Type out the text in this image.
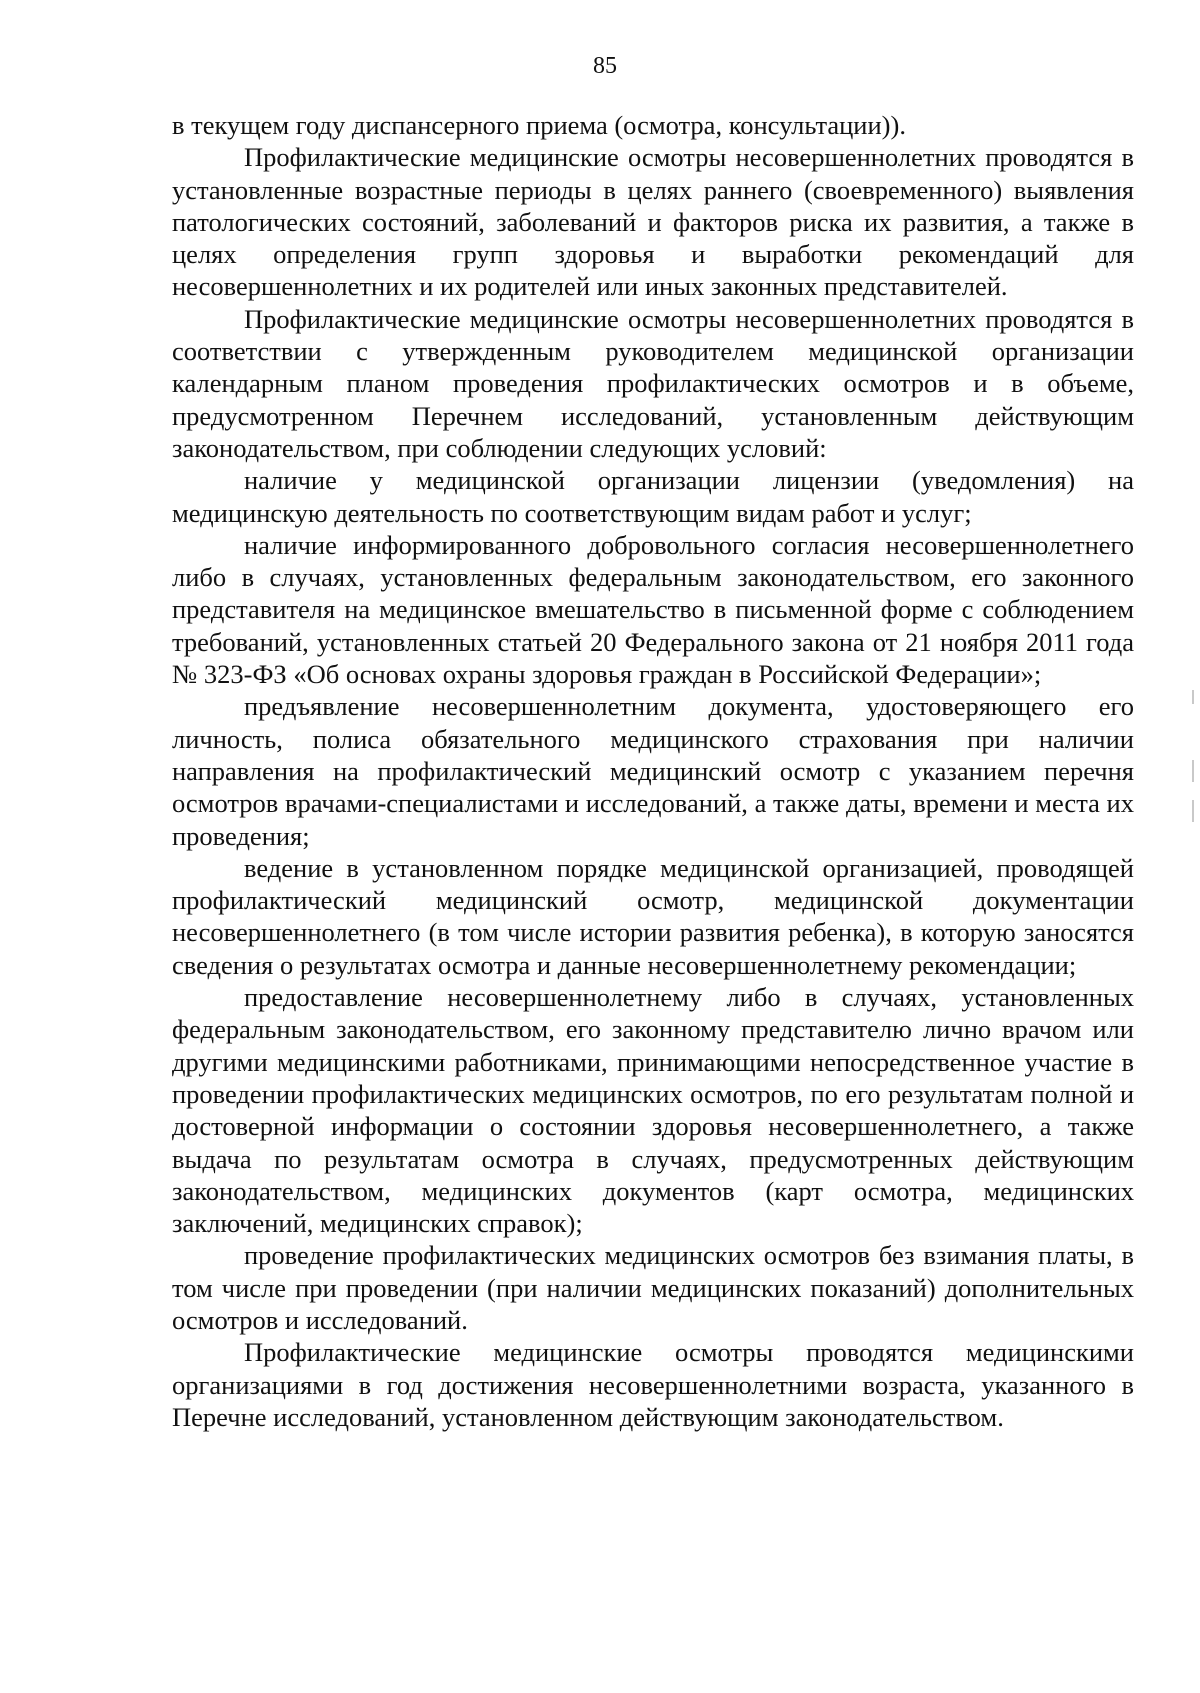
85

в текущем году диспансерного приема (осмотра, консультации)).

Профилактические медицинские осмотры несовершеннолетних проводятся в установленные возрастные периоды в целях раннего (своевременного) выявления патологических состояний, заболеваний и факторов риска их развития, а также в целях определения групп здоровья и выработки рекомендаций для несовершеннолетних и их родителей или иных законных представителей.

Профилактические медицинские осмотры несовершеннолетних проводятся в соответствии с утвержденным руководителем медицинской организации календарным планом проведения профилактических осмотров и в объеме, предусмотренном Перечнем исследований, установленным действующим законодательством, при соблюдении следующих условий:

наличие у медицинской организации лицензии (уведомления) на медицинскую деятельность по соответствующим видам работ и услуг;

наличие информированного добровольного согласия несовершеннолетнего либо в случаях, установленных федеральным законодательством, его законного представителя на медицинское вмешательство в письменной форме с соблюдением требований, установленных статьей 20 Федерального закона от 21 ноября 2011 года № 323-ФЗ «Об основах охраны здоровья граждан в Российской Федерации»;

предъявление несовершеннолетним документа, удостоверяющего его личность, полиса обязательного медицинского страхования при наличии направления на профилактический медицинский осмотр с указанием перечня осмотров врачами-специалистами и исследований, а также даты, времени и места их проведения;

ведение в установленном порядке медицинской организацией, проводящей профилактический медицинский осмотр, медицинской документации несовершеннолетнего (в том числе истории развития ребенка), в которую заносятся сведения о результатах осмотра и данные несовершеннолетнему рекомендации;

предоставление несовершеннолетнему либо в случаях, установленных федеральным законодательством, его законному представителю лично врачом или другими медицинскими работниками, принимающими непосредственное участие в проведении профилактических медицинских осмотров, по его результатам полной и достоверной информации о состоянии здоровья несовершеннолетнего, а также выдача по результатам осмотра в случаях, предусмотренных действующим законодательством, медицинских документов (карт осмотра, медицинских заключений, медицинских справок);

проведение профилактических медицинских осмотров без взимания платы, в том числе при проведении (при наличии медицинских показаний) дополнительных осмотров и исследований.

Профилактические медицинские осмотры проводятся медицинскими организациями в год достижения несовершеннолетними возраста, указанного в Перечне исследований, установленном действующим законодательством.
